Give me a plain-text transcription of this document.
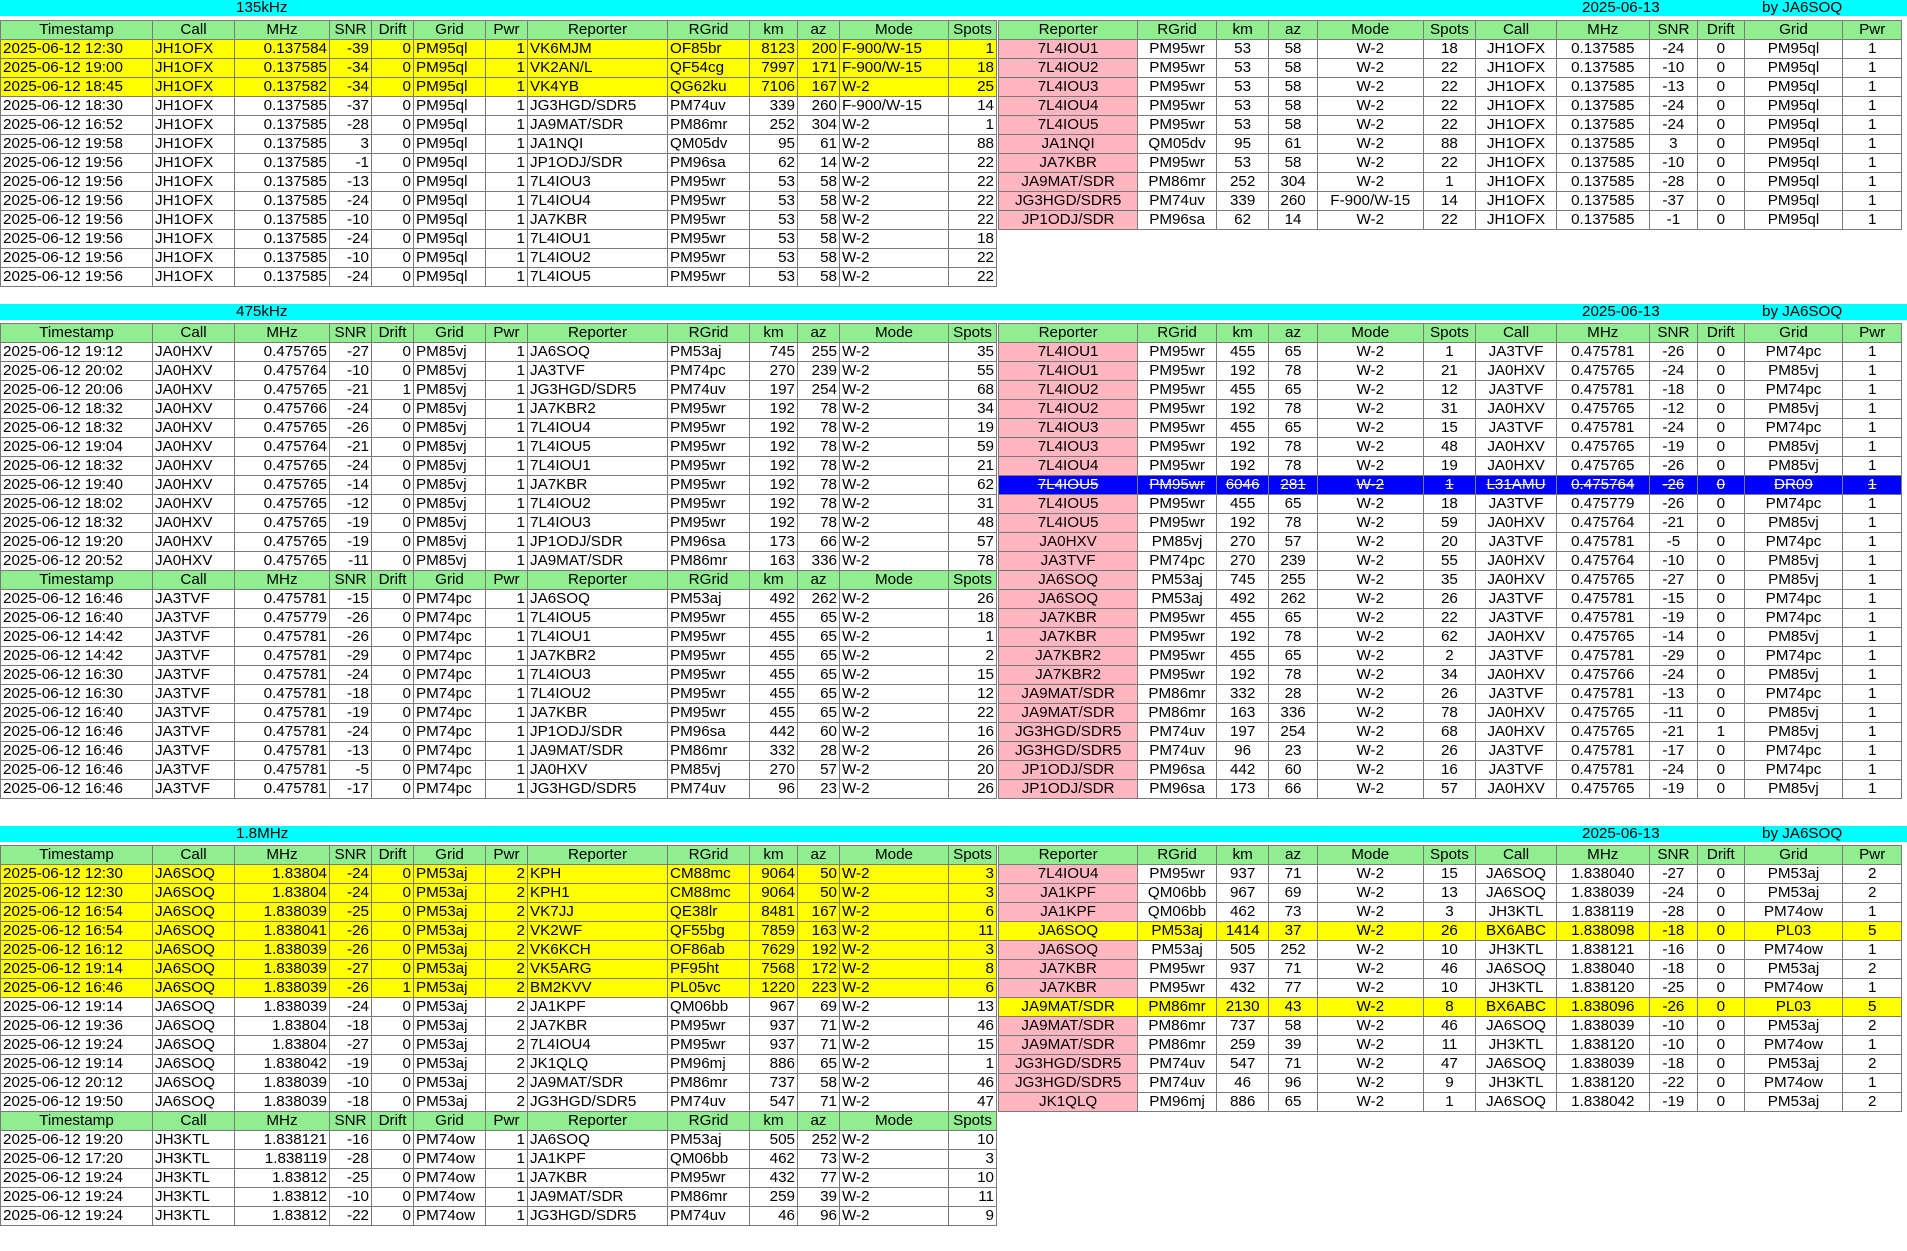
135kHz	2025-06-13	by JA6SOQ
Timestamp	Call	MHz	SNR	Drift	Grid	Pwr	Reporter	RGrid	km	az	Mode	Spots
2025-06-12 12:30	JH1OFX	0.137584	-39	0	PM95ql	1	VK6MJM	OF85br	8123	200	F-900/W-15	1
2025-06-12 19:00	JH1OFX	0.137585	-34	0	PM95ql	1	VK2AN/L	QF54cg	7997	171	F-900/W-15	18
2025-06-12 18:45	JH1OFX	0.137582	-34	0	PM95ql	1	VK4YB	QG62ku	7106	167	W-2	25
2025-06-12 18:30	JH1OFX	0.137585	-37	0	PM95ql	1	JG3HGD/SDR5	PM74uv	339	260	F-900/W-15	14
2025-06-12 16:52	JH1OFX	0.137585	-28	0	PM95ql	1	JA9MAT/SDR	PM86mr	252	304	W-2	1
2025-06-12 19:58	JH1OFX	0.137585	3	0	PM95ql	1	JA1NQI	QM05dv	95	61	W-2	88
2025-06-12 19:56	JH1OFX	0.137585	-1	0	PM95ql	1	JP1ODJ/SDR	PM96sa	62	14	W-2	22
2025-06-12 19:56	JH1OFX	0.137585	-13	0	PM95ql	1	7L4IOU3	PM95wr	53	58	W-2	22
2025-06-12 19:56	JH1OFX	0.137585	-24	0	PM95ql	1	7L4IOU4	PM95wr	53	58	W-2	22
2025-06-12 19:56	JH1OFX	0.137585	-10	0	PM95ql	1	JA7KBR	PM95wr	53	58	W-2	22
2025-06-12 19:56	JH1OFX	0.137585	-24	0	PM95ql	1	7L4IOU1	PM95wr	53	58	W-2	18
2025-06-12 19:56	JH1OFX	0.137585	-10	0	PM95ql	1	7L4IOU2	PM95wr	53	58	W-2	22
2025-06-12 19:56	JH1OFX	0.137585	-24	0	PM95ql	1	7L4IOU5	PM95wr	53	58	W-2	22
Reporter	RGrid	km	az	Mode	Spots	Call	MHz	SNR	Drift	Grid	Pwr
7L4IOU1	PM95wr	53	58	W-2	18	JH1OFX	0.137585	-24	0	PM95ql	1
7L4IOU2	PM95wr	53	58	W-2	22	JH1OFX	0.137585	-10	0	PM95ql	1
7L4IOU3	PM95wr	53	58	W-2	22	JH1OFX	0.137585	-13	0	PM95ql	1
7L4IOU4	PM95wr	53	58	W-2	22	JH1OFX	0.137585	-24	0	PM95ql	1
7L4IOU5	PM95wr	53	58	W-2	22	JH1OFX	0.137585	-24	0	PM95ql	1
JA1NQI	QM05dv	95	61	W-2	88	JH1OFX	0.137585	3	0	PM95ql	1
JA7KBR	PM95wr	53	58	W-2	22	JH1OFX	0.137585	-10	0	PM95ql	1
JA9MAT/SDR	PM86mr	252	304	W-2	1	JH1OFX	0.137585	-28	0	PM95ql	1
JG3HGD/SDR5	PM74uv	339	260	F-900/W-15	14	JH1OFX	0.137585	-37	0	PM95ql	1
JP1ODJ/SDR	PM96sa	62	14	W-2	22	JH1OFX	0.137585	-1	0	PM95ql	1
475kHz	2025-06-13	by JA6SOQ
Timestamp	Call	MHz	SNR	Drift	Grid	Pwr	Reporter	RGrid	km	az	Mode	Spots
2025-06-12 19:12	JA0HXV	0.475765	-27	0	PM85vj	1	JA6SOQ	PM53aj	745	255	W-2	35
2025-06-12 20:02	JA0HXV	0.475764	-10	0	PM85vj	1	JA3TVF	PM74pc	270	239	W-2	55
2025-06-12 20:06	JA0HXV	0.475765	-21	1	PM85vj	1	JG3HGD/SDR5	PM74uv	197	254	W-2	68
2025-06-12 18:32	JA0HXV	0.475766	-24	0	PM85vj	1	JA7KBR2	PM95wr	192	78	W-2	34
2025-06-12 18:32	JA0HXV	0.475765	-26	0	PM85vj	1	7L4IOU4	PM95wr	192	78	W-2	19
2025-06-12 19:04	JA0HXV	0.475764	-21	0	PM85vj	1	7L4IOU5	PM95wr	192	78	W-2	59
2025-06-12 18:32	JA0HXV	0.475765	-24	0	PM85vj	1	7L4IOU1	PM95wr	192	78	W-2	21
2025-06-12 19:40	JA0HXV	0.475765	-14	0	PM85vj	1	JA7KBR	PM95wr	192	78	W-2	62
2025-06-12 18:02	JA0HXV	0.475765	-12	0	PM85vj	1	7L4IOU2	PM95wr	192	78	W-2	31
2025-06-12 18:32	JA0HXV	0.475765	-19	0	PM85vj	1	7L4IOU3	PM95wr	192	78	W-2	48
2025-06-12 19:20	JA0HXV	0.475765	-19	0	PM85vj	1	JP1ODJ/SDR	PM96sa	173	66	W-2	57
2025-06-12 20:52	JA0HXV	0.475765	-11	0	PM85vj	1	JA9MAT/SDR	PM86mr	163	336	W-2	78
Timestamp	Call	MHz	SNR	Drift	Grid	Pwr	Reporter	RGrid	km	az	Mode	Spots
2025-06-12 16:46	JA3TVF	0.475781	-15	0	PM74pc	1	JA6SOQ	PM53aj	492	262	W-2	26
2025-06-12 16:40	JA3TVF	0.475779	-26	0	PM74pc	1	7L4IOU5	PM95wr	455	65	W-2	18
2025-06-12 14:42	JA3TVF	0.475781	-26	0	PM74pc	1	7L4IOU1	PM95wr	455	65	W-2	1
2025-06-12 14:42	JA3TVF	0.475781	-29	0	PM74pc	1	JA7KBR2	PM95wr	455	65	W-2	2
2025-06-12 16:30	JA3TVF	0.475781	-24	0	PM74pc	1	7L4IOU3	PM95wr	455	65	W-2	15
2025-06-12 16:30	JA3TVF	0.475781	-18	0	PM74pc	1	7L4IOU2	PM95wr	455	65	W-2	12
2025-06-12 16:40	JA3TVF	0.475781	-19	0	PM74pc	1	JA7KBR	PM95wr	455	65	W-2	22
2025-06-12 16:46	JA3TVF	0.475781	-24	0	PM74pc	1	JP1ODJ/SDR	PM96sa	442	60	W-2	16
2025-06-12 16:46	JA3TVF	0.475781	-13	0	PM74pc	1	JA9MAT/SDR	PM86mr	332	28	W-2	26
2025-06-12 16:46	JA3TVF	0.475781	-5	0	PM74pc	1	JA0HXV	PM85vj	270	57	W-2	20
2025-06-12 16:46	JA3TVF	0.475781	-17	0	PM74pc	1	JG3HGD/SDR5	PM74uv	96	23	W-2	26
Reporter	RGrid	km	az	Mode	Spots	Call	MHz	SNR	Drift	Grid	Pwr
7L4IOU1	PM95wr	455	65	W-2	1	JA3TVF	0.475781	-26	0	PM74pc	1
7L4IOU1	PM95wr	192	78	W-2	21	JA0HXV	0.475765	-24	0	PM85vj	1
7L4IOU2	PM95wr	455	65	W-2	12	JA3TVF	0.475781	-18	0	PM74pc	1
7L4IOU2	PM95wr	192	78	W-2	31	JA0HXV	0.475765	-12	0	PM85vj	1
7L4IOU3	PM95wr	455	65	W-2	15	JA3TVF	0.475781	-24	0	PM74pc	1
7L4IOU3	PM95wr	192	78	W-2	48	JA0HXV	0.475765	-19	0	PM85vj	1
7L4IOU4	PM95wr	192	78	W-2	19	JA0HXV	0.475765	-26	0	PM85vj	1
7L4IOU5	PM95wr	6046	281	W-2	1	L31AMU	0.475764	-26	0	DR09	1
7L4IOU5	PM95wr	455	65	W-2	18	JA3TVF	0.475779	-26	0	PM74pc	1
7L4IOU5	PM95wr	192	78	W-2	59	JA0HXV	0.475764	-21	0	PM85vj	1
JA0HXV	PM85vj	270	57	W-2	20	JA3TVF	0.475781	-5	0	PM74pc	1
JA3TVF	PM74pc	270	239	W-2	55	JA0HXV	0.475764	-10	0	PM85vj	1
JA6SOQ	PM53aj	745	255	W-2	35	JA0HXV	0.475765	-27	0	PM85vj	1
JA6SOQ	PM53aj	492	262	W-2	26	JA3TVF	0.475781	-15	0	PM74pc	1
JA7KBR	PM95wr	455	65	W-2	22	JA3TVF	0.475781	-19	0	PM74pc	1
JA7KBR	PM95wr	192	78	W-2	62	JA0HXV	0.475765	-14	0	PM85vj	1
JA7KBR2	PM95wr	455	65	W-2	2	JA3TVF	0.475781	-29	0	PM74pc	1
JA7KBR2	PM95wr	192	78	W-2	34	JA0HXV	0.475766	-24	0	PM85vj	1
JA9MAT/SDR	PM86mr	332	28	W-2	26	JA3TVF	0.475781	-13	0	PM74pc	1
JA9MAT/SDR	PM86mr	163	336	W-2	78	JA0HXV	0.475765	-11	0	PM85vj	1
JG3HGD/SDR5	PM74uv	197	254	W-2	68	JA0HXV	0.475765	-21	1	PM85vj	1
JG3HGD/SDR5	PM74uv	96	23	W-2	26	JA3TVF	0.475781	-17	0	PM74pc	1
JP1ODJ/SDR	PM96sa	442	60	W-2	16	JA3TVF	0.475781	-24	0	PM74pc	1
JP1ODJ/SDR	PM96sa	173	66	W-2	57	JA0HXV	0.475765	-19	0	PM85vj	1
1.8MHz	2025-06-13	by JA6SOQ
Timestamp	Call	MHz	SNR	Drift	Grid	Pwr	Reporter	RGrid	km	az	Mode	Spots
2025-06-12 12:30	JA6SOQ	1.83804	-24	0	PM53aj	2	KPH	CM88mc	9064	50	W-2	3
2025-06-12 12:30	JA6SOQ	1.83804	-24	0	PM53aj	2	KPH1	CM88mc	9064	50	W-2	3
2025-06-12 16:54	JA6SOQ	1.838039	-25	0	PM53aj	2	VK7JJ	QE38lr	8481	167	W-2	6
2025-06-12 16:54	JA6SOQ	1.838041	-26	0	PM53aj	2	VK2WF	QF55bg	7859	163	W-2	11
2025-06-12 16:12	JA6SOQ	1.838039	-26	0	PM53aj	2	VK6KCH	OF86ab	7629	192	W-2	3
2025-06-12 19:14	JA6SOQ	1.838039	-27	0	PM53aj	2	VK5ARG	PF95ht	7568	172	W-2	8
2025-06-12 16:46	JA6SOQ	1.838039	-26	1	PM53aj	2	BM2KVV	PL05vc	1220	223	W-2	6
2025-06-12 19:14	JA6SOQ	1.838039	-24	0	PM53aj	2	JA1KPF	QM06bb	967	69	W-2	13
2025-06-12 19:36	JA6SOQ	1.83804	-18	0	PM53aj	2	JA7KBR	PM95wr	937	71	W-2	46
2025-06-12 19:24	JA6SOQ	1.83804	-27	0	PM53aj	2	7L4IOU4	PM95wr	937	71	W-2	15
2025-06-12 19:14	JA6SOQ	1.838042	-19	0	PM53aj	2	JK1QLQ	PM96mj	886	65	W-2	1
2025-06-12 20:12	JA6SOQ	1.838039	-10	0	PM53aj	2	JA9MAT/SDR	PM86mr	737	58	W-2	46
2025-06-12 19:50	JA6SOQ	1.838039	-18	0	PM53aj	2	JG3HGD/SDR5	PM74uv	547	71	W-2	47
Timestamp	Call	MHz	SNR	Drift	Grid	Pwr	Reporter	RGrid	km	az	Mode	Spots
2025-06-12 19:20	JH3KTL	1.838121	-16	0	PM74ow	1	JA6SOQ	PM53aj	505	252	W-2	10
2025-06-12 17:20	JH3KTL	1.838119	-28	0	PM74ow	1	JA1KPF	QM06bb	462	73	W-2	3
2025-06-12 19:24	JH3KTL	1.83812	-25	0	PM74ow	1	JA7KBR	PM95wr	432	77	W-2	10
2025-06-12 19:24	JH3KTL	1.83812	-10	0	PM74ow	1	JA9MAT/SDR	PM86mr	259	39	W-2	11
2025-06-12 19:24	JH3KTL	1.83812	-22	0	PM74ow	1	JG3HGD/SDR5	PM74uv	46	96	W-2	9
Reporter	RGrid	km	az	Mode	Spots	Call	MHz	SNR	Drift	Grid	Pwr
7L4IOU4	PM95wr	937	71	W-2	15	JA6SOQ	1.838040	-27	0	PM53aj	2
JA1KPF	QM06bb	967	69	W-2	13	JA6SOQ	1.838039	-24	0	PM53aj	2
JA1KPF	QM06bb	462	73	W-2	3	JH3KTL	1.838119	-28	0	PM74ow	1
JA6SOQ	PM53aj	1414	37	W-2	26	BX6ABC	1.838098	-18	0	PL03	5
JA6SOQ	PM53aj	505	252	W-2	10	JH3KTL	1.838121	-16	0	PM74ow	1
JA7KBR	PM95wr	937	71	W-2	46	JA6SOQ	1.838040	-18	0	PM53aj	2
JA7KBR	PM95wr	432	77	W-2	10	JH3KTL	1.838120	-25	0	PM74ow	1
JA9MAT/SDR	PM86mr	2130	43	W-2	8	BX6ABC	1.838096	-26	0	PL03	5
JA9MAT/SDR	PM86mr	737	58	W-2	46	JA6SOQ	1.838039	-10	0	PM53aj	2
JA9MAT/SDR	PM86mr	259	39	W-2	11	JH3KTL	1.838120	-10	0	PM74ow	1
JG3HGD/SDR5	PM74uv	547	71	W-2	47	JA6SOQ	1.838039	-18	0	PM53aj	2
JG3HGD/SDR5	PM74uv	46	96	W-2	9	JH3KTL	1.838120	-22	0	PM74ow	1
JK1QLQ	PM96mj	886	65	W-2	1	JA6SOQ	1.838042	-19	0	PM53aj	2
